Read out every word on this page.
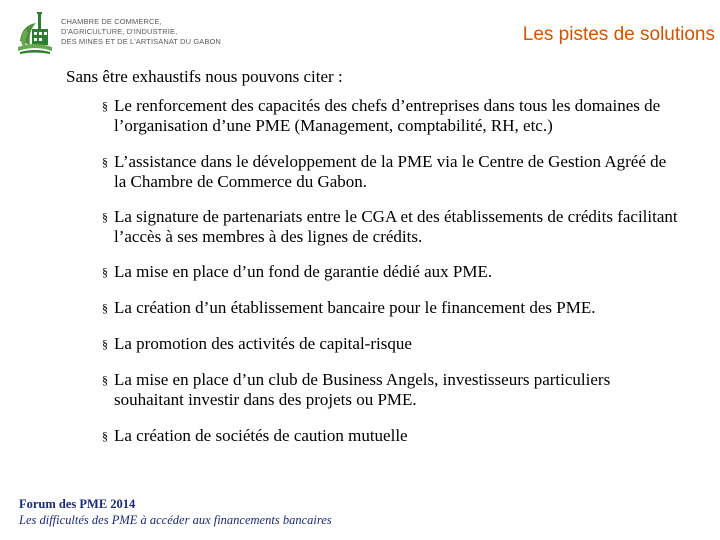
CHAMBRE DE COMMERCE,
D'AGRICULTURE, D'INDUSTRIE,
DES MINES ET DE L'ARTISANAT DU GABON	Les pistes de solutions
Sans être exhaustifs nous pouvons citer :
§ Le renforcement des capacités des chefs d’entreprises dans tous les domaines de l’organisation d’une PME (Management, comptabilité, RH, etc.)
§ L’assistance dans le développement de la PME via le Centre de Gestion Agréé de la Chambre de Commerce du Gabon.
§ La signature de partenariats entre le CGA et des établissements de crédits facilitant l’accès à ses membres à des lignes de crédits.
§ La mise en place d’un fond de garantie dédié aux PME.
§ La création d’un établissement bancaire pour le financement des PME.
§ La promotion des activités de capital-risque
§ La mise en place d’un club de Business Angels, investisseurs particuliers souhaitant investir dans des projets ou PME.
§ La création de sociétés de caution mutuelle
Forum des PME 2014
Les difficultés des PME à accéder aux financements bancaires
